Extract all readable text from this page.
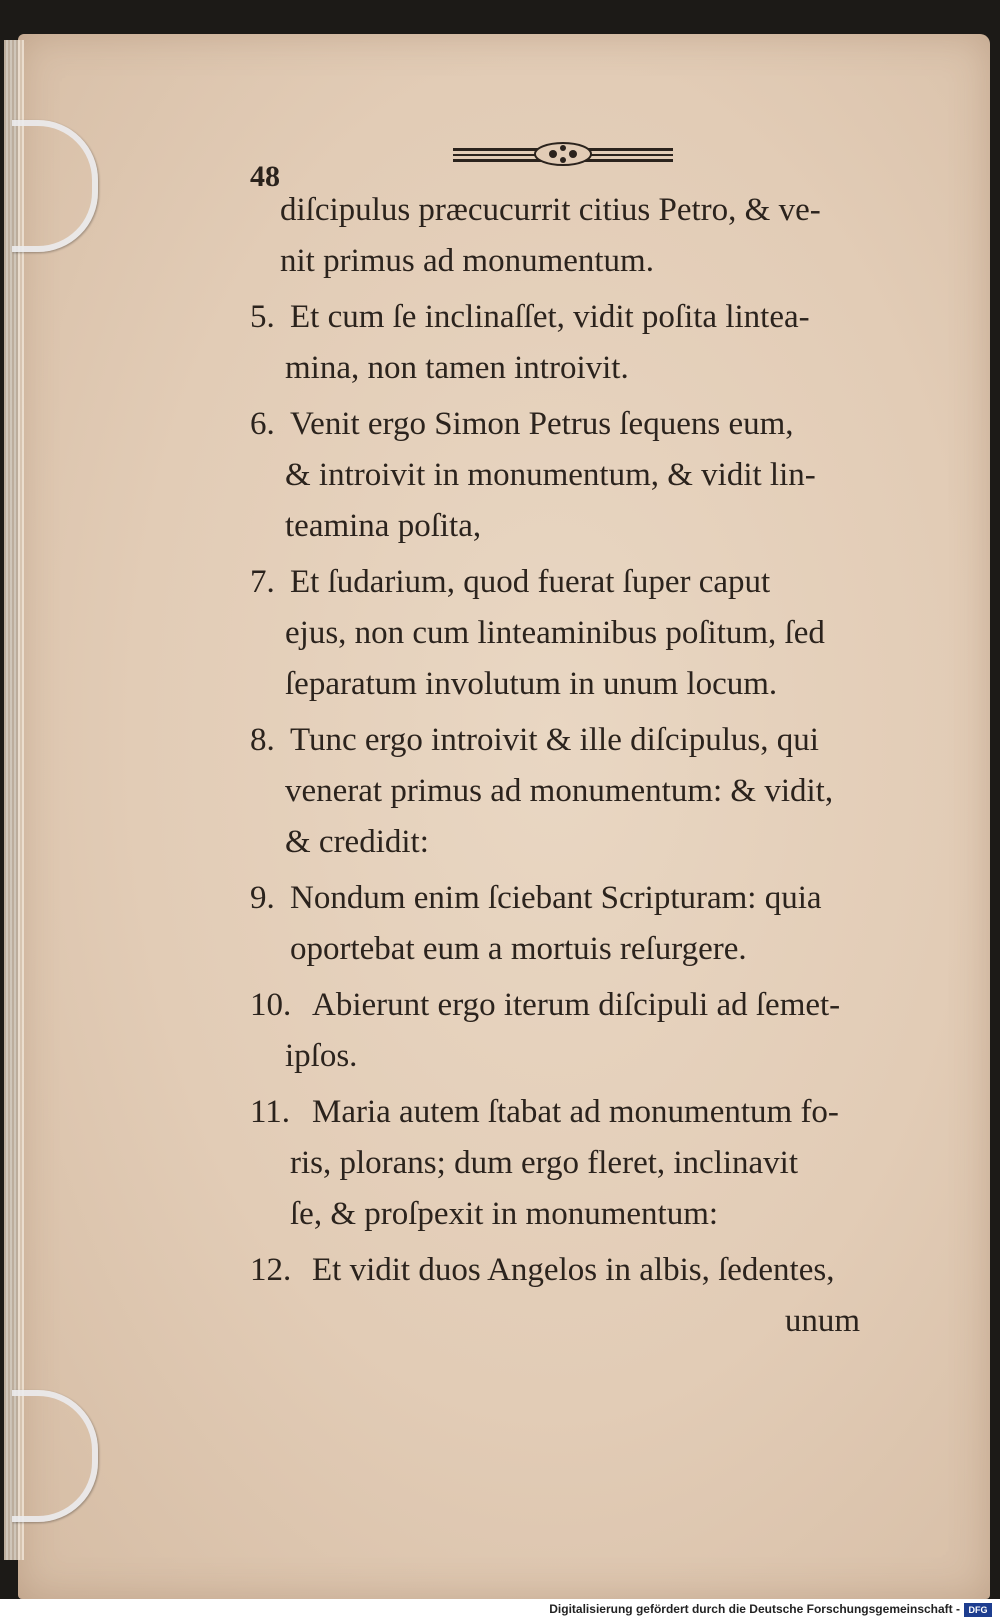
48
diſcipulus præcucurrit citius Petro, & ve-
nit primus ad monumentum.
5. Et cum ſe inclinaſſet, vidit poſita lintea-
mina, non tamen introivit.
6. Venit ergo Simon Petrus ſequens eum,
& introivit in monumentum, & vidit lin-
teamina poſita,
7. Et ſudarium, quod fuerat ſuper caput
ejus, non cum linteaminibus poſitum, ſed
ſeparatum involutum in unum locum.
8. Tunc ergo introivit & ille diſcipulus, qui
venerat primus ad monumentum: & vidit,
& credidit:
9. Nondum enim ſciebant Scripturam: quia
oportebat eum a mortuis reſurgere.
10. Abierunt ergo iterum diſcipuli ad ſemet-
ipſos.
11. Maria autem ſtabat ad monumentum fo-
ris, plorans; dum ergo fleret, inclinavit
ſe, & proſpexit in monumentum:
12. Et vidit duos Angelos in albis, ſedentes,
unum
Digitalisierung gefördert durch die Deutsche Forschungsgemeinschaft - DFG
